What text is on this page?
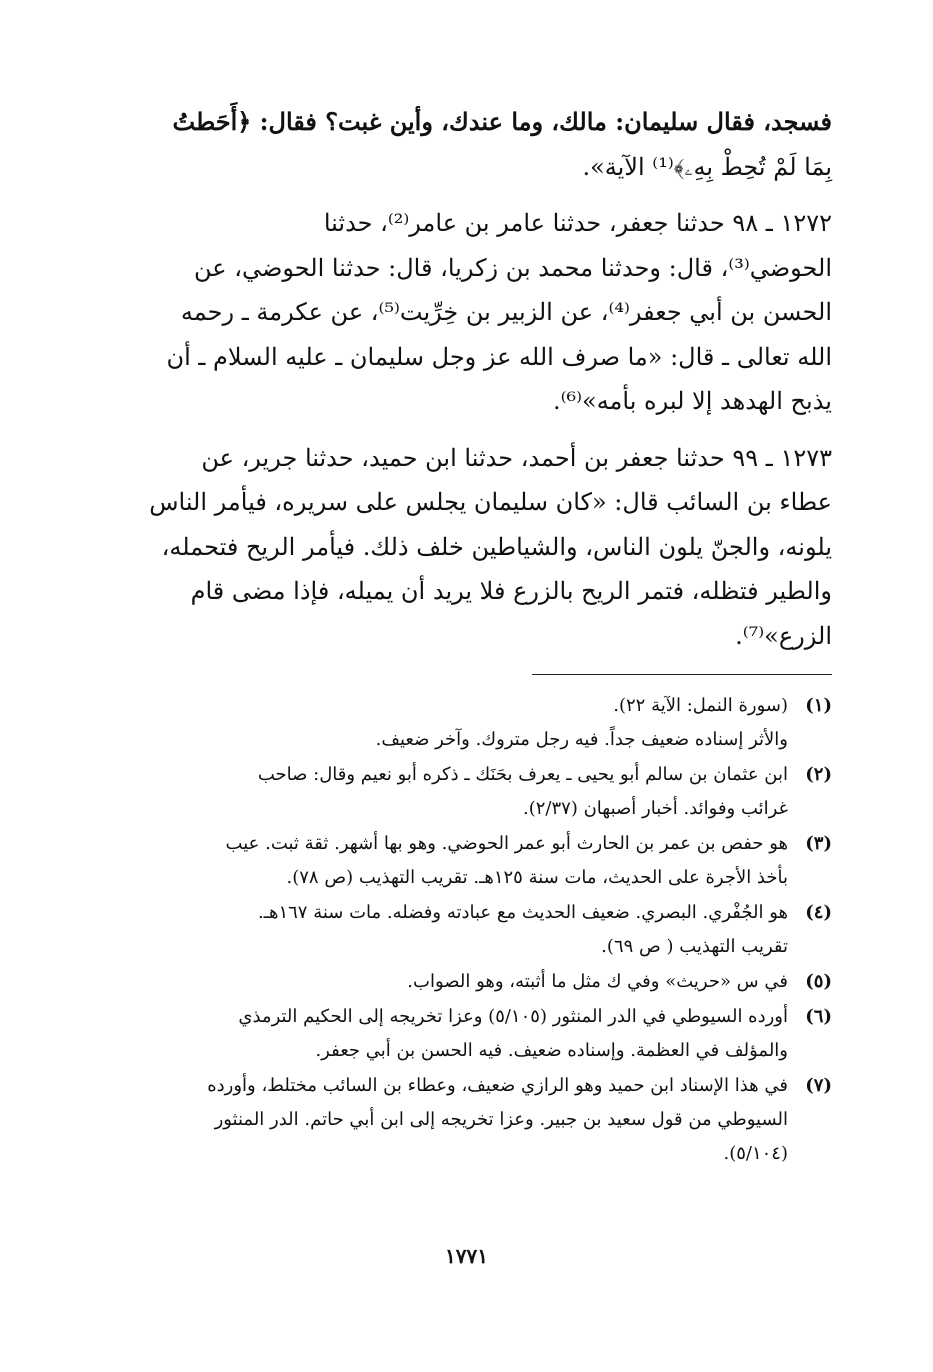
فسجد، فقال سليمان: مالك، وما عندك، وأين غبت؟ فقال: ﴿أَحَطتُ
بِمَا لَمْ تُحِطْ بِهِۦ﴾⁽¹⁾ الآية».
١٢٧٢ ـ ٩٨ حدثنا جعفر، حدثنا عامر بن عامر⁽²⁾، حدثنا
الحوضي⁽³⁾، قال: وحدثنا محمد بن زكريا، قال: حدثنا الحوضي، عن
الحسن بن أبي جعفر⁽⁴⁾، عن الزبير بن خِرِّيت⁽⁵⁾، عن عكرمة ـ رحمه
الله تعالى ـ قال: «ما صرف الله عز وجل سليمان ـ عليه السلام ـ أن
يذبح الهدهد إلا لبره بأمه»⁽⁶⁾.
١٢٧٣ ـ ٩٩ حدثنا جعفر بن أحمد، حدثنا ابن حميد، حدثنا جرير، عن
عطاء بن السائب قال: «كان سليمان يجلس على سريره، فيأمر الناس
يلونه، والجنّ يلون الناس، والشياطين خلف ذلك. فيأمر الريح فتحمله،
والطير فتظله، فتمر الريح بالزرع فلا يريد أن يميله، فإذا مضى قام
الزرع»⁽⁷⁾.
(١)
(سورة النمل: الآية ٢٢).
والأثر إسناده ضعيف جداً. فيه رجل متروك. وآخر ضعيف.
(٢)
ابن عثمان بن سالم أبو يحيى ـ يعرف بحَنَك ـ ذكره أبو نعيم وقال: صاحب
غرائب وفوائد. أخبار أصبهان (٢/٣٧).
(٣)
هو حفص بن عمر بن الحارث أبو عمر الحوضي. وهو بها أشهر. ثقة ثبت. عيب
بأخذ الأجرة على الحديث، مات سنة ١٢٥هـ. تقريب التهذيب (ص ٧٨).
(٤)
هو الجُفْري. البصري. ضعيف الحديث مع عبادته وفضله. مات سنة ١٦٧هـ.
تقريب التهذيب ( ص ٦٩).
(٥)
في س «حريث» وفي ك مثل ما أثبته، وهو الصواب.
(٦)
أورده السيوطي في الدر المنثور (٥/١٠٥) وعزا تخريجه إلى الحكيم الترمذي
والمؤلف في العظمة. وإسناده ضعيف. فيه الحسن بن أبي جعفر.
(٧)
في هذا الإسناد ابن حميد وهو الرازي ضعيف، وعطاء بن السائب مختلط، وأورده
السيوطي من قول سعيد بن جبير. وعزا تخريجه إلى ابن أبي حاتم. الدر المنثور
(٥/١٠٤).
١٧٧١
